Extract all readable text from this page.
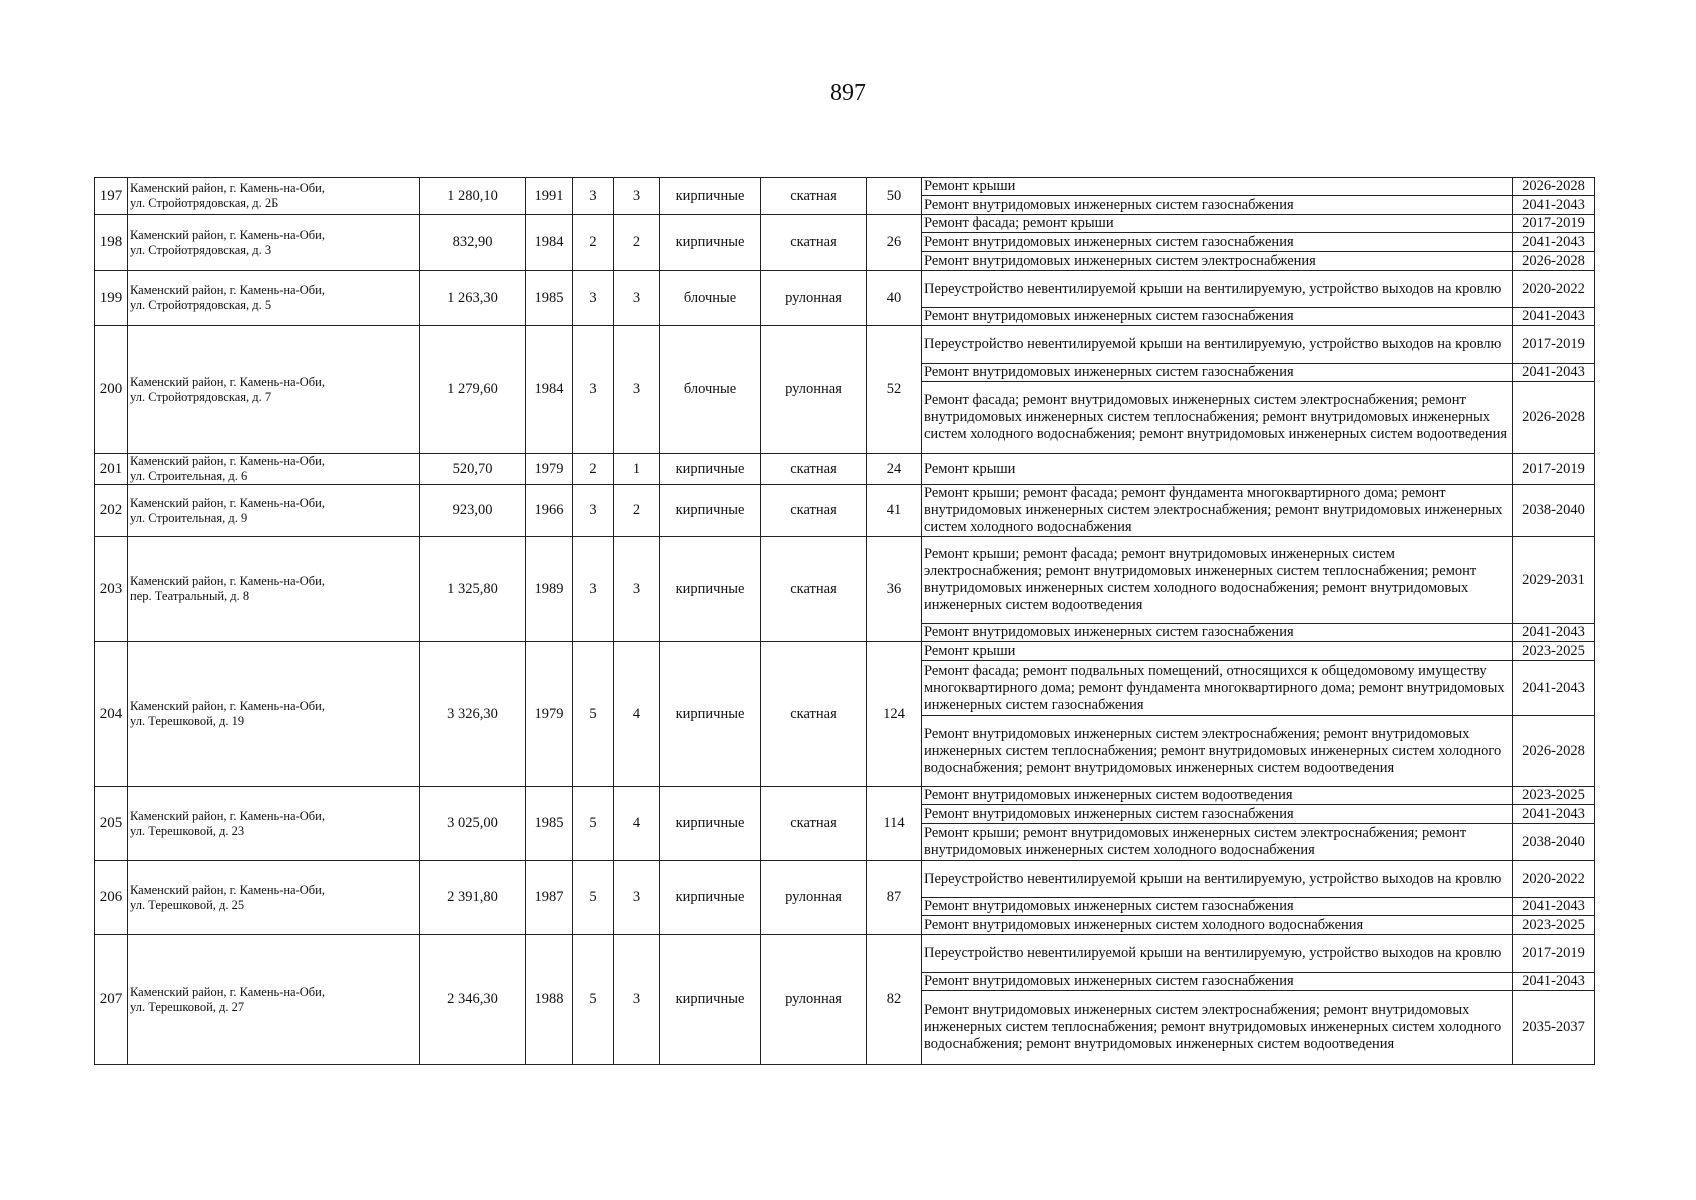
897
197	Каменский район, г. Камень-на-Оби,
ул. Стройотрядовская, д. 2Б	1 280,10	1991	3	3	кирпичные	скатная	50	Ремонт крыши	2026-2028
									Ремонт внутридомовых инженерных систем газоснабжения	2041-2043
198	Каменский район, г. Камень-на-Оби,
ул. Стройотрядовская, д. 3	832,90	1984	2	2	кирпичные	скатная	26	Ремонт фасада; ремонт крыши	2017-2019
									Ремонт внутридомовых инженерных систем газоснабжения	2041-2043
									Ремонт внутридомовых инженерных систем электроснабжения	2026-2028
199	Каменский район, г. Камень-на-Оби,
ул. Стройотрядовская, д. 5	1 263,30	1985	3	3	блочные	рулонная	40	Переустройство невентилируемой крыши на вентилируемую, устройство выходов на кровлю	2020-2022
									Ремонт внутридомовых инженерных систем газоснабжения	2041-2043
200	Каменский район, г. Камень-на-Оби,
ул. Стройотрядовская, д. 7	1 279,60	1984	3	3	блочные	рулонная	52	Переустройство невентилируемой крыши на вентилируемую, устройство выходов на кровлю	2017-2019
									Ремонт внутридомовых инженерных систем газоснабжения	2041-2043
									Ремонт фасада; ремонт внутридомовых инженерных систем электроснабжения; ремонт внутридомовых инженерных систем теплоснабжения; ремонт внутридомовых инженерных систем холодного водоснабжения; ремонт внутридомовых инженерных систем водоотведения	2026-2028
201	Каменский район, г. Камень-на-Оби,
ул. Строительная, д. 6	520,70	1979	2	1	кирпичные	скатная	24	Ремонт крыши	2017-2019
202	Каменский район, г. Камень-на-Оби,
ул. Строительная, д. 9	923,00	1966	3	2	кирпичные	скатная	41	Ремонт крыши; ремонт фасада; ремонт фундамента многоквартирного дома; ремонт внутридомовых инженерных систем электроснабжения; ремонт внутридомовых инженерных систем холодного водоснабжения	2038-2040
203	Каменский район, г. Камень-на-Оби,
пер. Театральный, д. 8	1 325,80	1989	3	3	кирпичные	скатная	36	Ремонт крыши; ремонт фасада; ремонт внутридомовых инженерных систем электроснабжения; ремонт внутридомовых инженерных систем теплоснабжения; ремонт внутридомовых инженерных систем холодного водоснабжения; ремонт внутридомовых инженерных систем водоотведения	2029-2031
									Ремонт внутридомовых инженерных систем газоснабжения	2041-2043
204	Каменский район, г. Камень-на-Оби,
ул. Терешковой, д. 19	3 326,30	1979	5	4	кирпичные	скатная	124	Ремонт крыши	2023-2025
									Ремонт фасада; ремонт подвальных помещений, относящихся к общедомовому имуществу многоквартирного дома; ремонт фундамента многоквартирного дома; ремонт внутридомовых инженерных систем газоснабжения	2041-2043
									Ремонт внутридомовых инженерных систем электроснабжения; ремонт внутридомовых инженерных систем теплоснабжения; ремонт внутридомовых инженерных систем холодного водоснабжения; ремонт внутридомовых инженерных систем водоотведения	2026-2028
205	Каменский район, г. Камень-на-Оби,
ул. Терешковой, д. 23	3 025,00	1985	5	4	кирпичные	скатная	114	Ремонт внутридомовых инженерных систем водоотведения	2023-2025
									Ремонт внутридомовых инженерных систем газоснабжения	2041-2043
									Ремонт крыши; ремонт внутридомовых инженерных систем электроснабжения; ремонт внутридомовых инженерных систем холодного водоснабжения	2038-2040
206	Каменский район, г. Камень-на-Оби,
ул. Терешковой, д. 25	2 391,80	1987	5	3	кирпичные	рулонная	87	Переустройство невентилируемой крыши на вентилируемую, устройство выходов на кровлю	2020-2022
									Ремонт внутридомовых инженерных систем газоснабжения	2041-2043
									Ремонт внутридомовых инженерных систем холодного водоснабжения	2023-2025
207	Каменский район, г. Камень-на-Оби,
ул. Терешковой, д. 27	2 346,30	1988	5	3	кирпичные	рулонная	82	Переустройство невентилируемой крыши на вентилируемую, устройство выходов на кровлю	2017-2019
									Ремонт внутридомовых инженерных систем газоснабжения	2041-2043
									Ремонт внутридомовых инженерных систем электроснабжения; ремонт внутридомовых инженерных систем теплоснабжения; ремонт внутридомовых инженерных систем холодного водоснабжения; ремонт внутридомовых инженерных систем водоотведения	2035-2037
